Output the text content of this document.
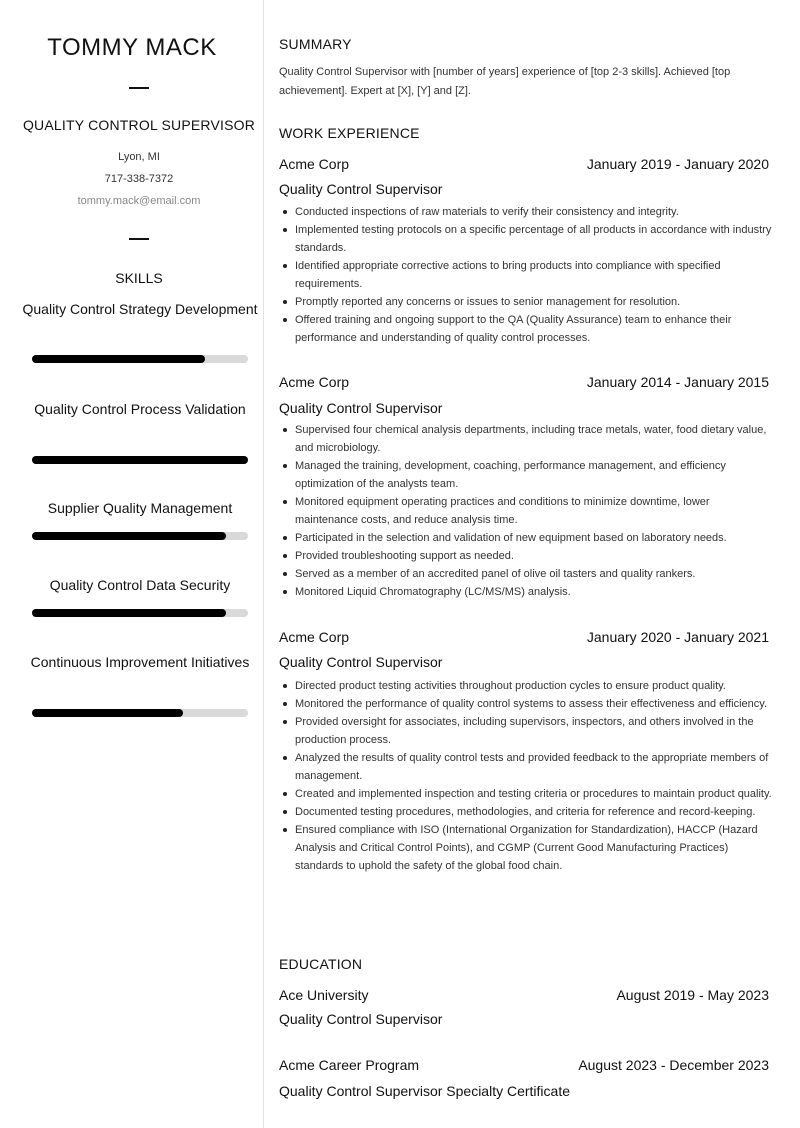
TOMMY MACK
QUALITY CONTROL SUPERVISOR
Lyon, MI
717-338-7372
tommy.mack@email.com
SKILLS
Quality Control Strategy Development
Quality Control Process Validation
Supplier Quality Management
Quality Control Data Security
Continuous Improvement Initiatives
SUMMARY
Quality Control Supervisor with [number of years] experience of [top 2-3 skills]. Achieved [top achievement]. Expert at [X], [Y] and [Z].
WORK EXPERIENCE
Acme Corp	January 2019 - January 2020
Quality Control Supervisor
Conducted inspections of raw materials to verify their consistency and integrity.
Implemented testing protocols on a specific percentage of all products in accordance with industry standards.
Identified appropriate corrective actions to bring products into compliance with specified requirements.
Promptly reported any concerns or issues to senior management for resolution.
Offered training and ongoing support to the QA (Quality Assurance) team to enhance their performance and understanding of quality control processes.
Acme Corp	January 2014 - January 2015
Quality Control Supervisor
Supervised four chemical analysis departments, including trace metals, water, food dietary value, and microbiology.
Managed the training, development, coaching, performance management, and efficiency optimization of the analysts team.
Monitored equipment operating practices and conditions to minimize downtime, lower maintenance costs, and reduce analysis time.
Participated in the selection and validation of new equipment based on laboratory needs.
Provided troubleshooting support as needed.
Served as a member of an accredited panel of olive oil tasters and quality rankers.
Monitored Liquid Chromatography (LC/MS/MS) analysis.
Acme Corp	January 2020 - January 2021
Quality Control Supervisor
Directed product testing activities throughout production cycles to ensure product quality.
Monitored the performance of quality control systems to assess their effectiveness and efficiency.
Provided oversight for associates, including supervisors, inspectors, and others involved in the production process.
Analyzed the results of quality control tests and provided feedback to the appropriate members of management.
Created and implemented inspection and testing criteria or procedures to maintain product quality.
Documented testing procedures, methodologies, and criteria for reference and record-keeping.
Ensured compliance with ISO (International Organization for Standardization), HACCP (Hazard Analysis and Critical Control Points), and CGMP (Current Good Manufacturing Practices) standards to uphold the safety of the global food chain.
EDUCATION
Ace University	August 2019 - May 2023
Quality Control Supervisor
Acme Career Program	August 2023 - December 2023
Quality Control Supervisor Specialty Certificate
